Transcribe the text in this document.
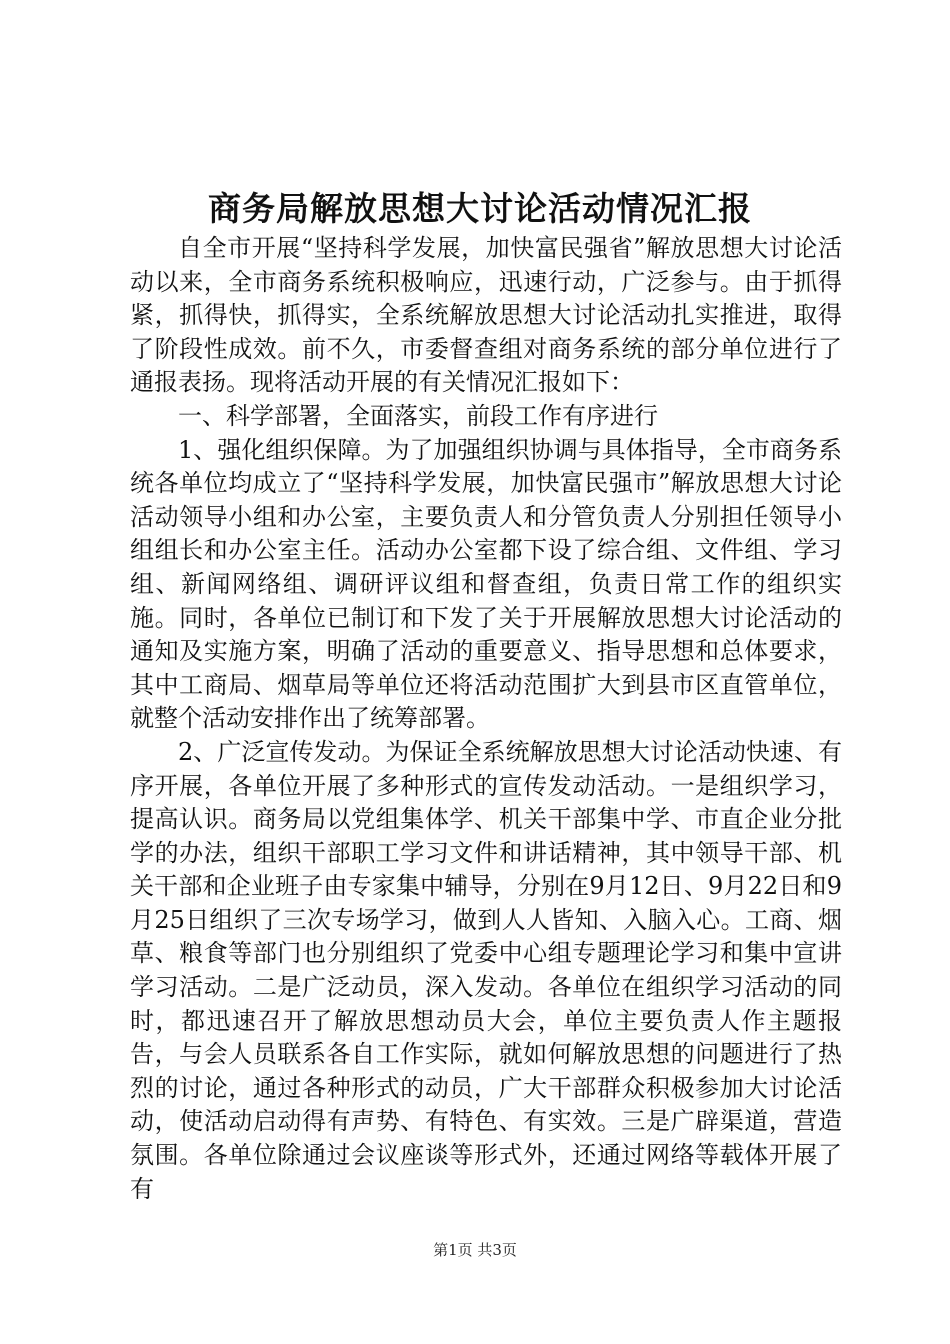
商务局解放思想大讨论活动情况汇报

自全市开展“坚持科学发展，加快富民强省”解放思想大讨论活动以来，全市商务系统积极响应，迅速行动，广泛参与。由于抓得紧，抓得快，抓得实，全系统解放思想大讨论活动扎实推进，取得了阶段性成效。前不久，市委督查组对商务系统的部分单位进行了通报表扬。现将活动开展的有关情况汇报如下：

一、科学部署，全面落实，前段工作有序进行

1、强化组织保障。为了加强组织协调与具体指导，全市商务系统各单位均成立了“坚持科学发展，加快富民强市”解放思想大讨论活动领导小组和办公室，主要负责人和分管负责人分别担任领导小组组长和办公室主任。活动办公室都下设了综合组、文件组、学习组、新闻网络组、调研评议组和督查组，负责日常工作的组织实施。同时，各单位已制订和下发了关于开展解放思想大讨论活动的通知及实施方案，明确了活动的重要意义、指导思想和总体要求，其中工商局、烟草局等单位还将活动范围扩大到县市区直管单位，就整个活动安排作出了统筹部署。

2、广泛宣传发动。为保证全系统解放思想大讨论活动快速、有序开展，各单位开展了多种形式的宣传发动活动。一是组织学习，提高认识。商务局以党组集体学、机关干部集中学、市直企业分批学的办法，组织干部职工学习文件和讲话精神，其中领导干部、机关干部和企业班子由专家集中辅导，分别在9月12日、9月22日和9月25日组织了三次专场学习，做到人人皆知、入脑入心。工商、烟草、粮食等部门也分别组织了党委中心组专题理论学习和集中宣讲学习活动。二是广泛动员，深入发动。各单位在组织学习活动的同时，都迅速召开了解放思想动员大会，单位主要负责人作主题报告，与会人员联系各自工作实际，就如何解放思想的问题进行了热烈的讨论，通过各种形式的动员，广大干部群众积极参加大讨论活动，使活动启动得有声势、有特色、有实效。三是广辟渠道，营造氛围。各单位除通过会议座谈等形式外，还通过网络等载体开展了有

第1页 共3页
